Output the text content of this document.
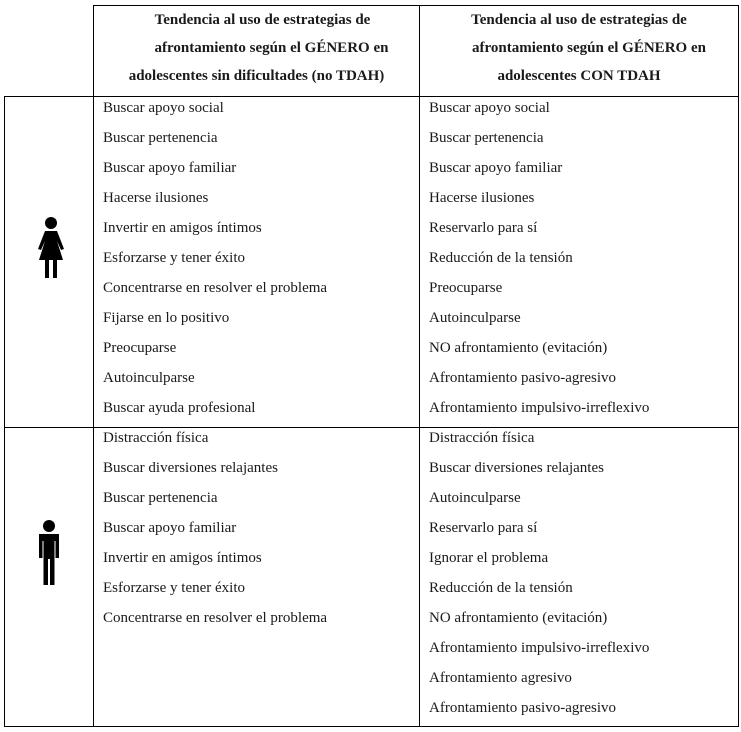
Tendencia al uso de estrategias de
afrontamiento según el GÉNERO en
adolescentes sin dificultades (no TDAH)
Tendencia al uso de estrategias de
afrontamiento según el GÉNERO en
adolescentes CON TDAH
Buscar apoyo social
Buscar pertenencia
Buscar apoyo familiar
Hacerse ilusiones
Invertir en amigos íntimos
Esforzarse y tener éxito
Concentrarse en resolver el problema
Fijarse en lo positivo
Preocuparse
Autoinculparse
Buscar ayuda profesional
Buscar apoyo social
Buscar pertenencia
Buscar apoyo familiar
Hacerse ilusiones
Reservarlo para sí
Reducción de la tensión
Preocuparse
Autoinculparse
NO afrontamiento (evitación)
Afrontamiento pasivo-agresivo
Afrontamiento impulsivo-irreflexivo
Distracción física
Buscar diversiones relajantes
Buscar pertenencia
Buscar apoyo familiar
Invertir en amigos íntimos
Esforzarse y tener éxito
Concentrarse en resolver el problema
Distracción física
Buscar diversiones relajantes
Autoinculparse
Reservarlo para sí
Ignorar el problema
Reducción de la tensión
NO afrontamiento (evitación)
Afrontamiento impulsivo-irreflexivo
Afrontamiento agresivo
Afrontamiento pasivo-agresivo
